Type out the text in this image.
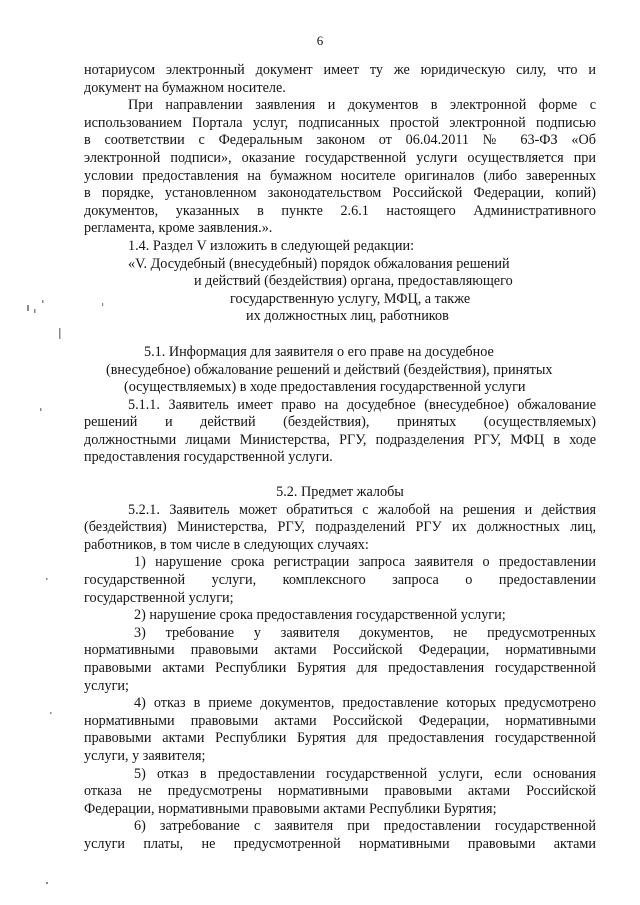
6

нотариусом электронный документ имеет ту же юридическую силу, что и

документ на бумажном носителе.

При направлении заявления и документов в электронной форме с

использованием Портала услуг, подписанных простой электронной подписью

в соответствии с Федеральным законом от 06.04.2011 № 63-ФЗ «Об

электронной подписи», оказание государственной услуги осуществляется при

условии предоставления на бумажном носителе оригиналов (либо заверенных

в порядке, установленном законодательством Российской Федерации, копий)

документов, указанных в пункте 2.6.1 настоящего Административного

регламента, кроме заявления.».

1.4. Раздел V изложить в следующей редакции:

«V. Досудебный (внесудебный) порядок обжалования решений

и действий (бездействия) органа, предоставляющего

государственную услугу, МФЦ, а также

их должностных лиц, работников

5.1. Информация для заявителя о его праве на досудебное

(внесудебное) обжалование решений и действий (бездействия), принятых

(осуществляемых) в ходе предоставления государственной услуги

5.1.1. Заявитель имеет право на досудебное (внесудебное) обжалование

решений и действий (бездействия), принятых (осуществляемых)

должностными лицами Министерства, РГУ, подразделения РГУ, МФЦ в ходе

предоставления государственной услуги.

5.2. Предмет жалобы

5.2.1. Заявитель может обратиться с жалобой на решения и действия

(бездействия) Министерства, РГУ, подразделений РГУ их должностных лиц,

работников, в том числе в следующих случаях:

1) нарушение срока регистрации запроса заявителя о предоставлении

государственной услуги, комплексного запроса о предоставлении

государственной услуги;

2) нарушение срока предоставления государственной услуги;

3) требование у заявителя документов, не предусмотренных

нормативными правовыми актами Российской Федерации, нормативными

правовыми актами Республики Бурятия для предоставления государственной

услуги;

4) отказ в приеме документов, предоставление которых предусмотрено

нормативными правовыми актами Российской Федерации, нормативными

правовыми актами Республики Бурятия для предоставления государственной

услуги, у заявителя;

5) отказ в предоставлении государственной услуги, если основания

отказа не предусмотрены нормативными правовыми актами Российской

Федерации, нормативными правовыми актами Республики Бурятия;

6) затребование с заявителя при предоставлении государственной

услуги платы, не предусмотренной нормативными правовыми актами
